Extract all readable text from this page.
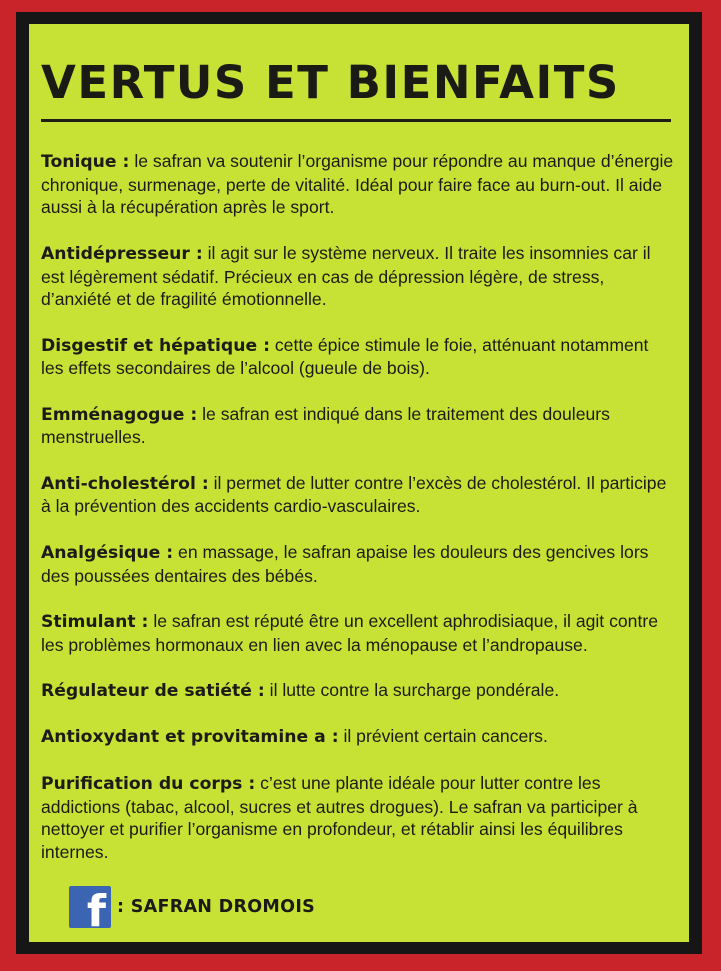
VERTUS ET BIENFAITS

Tonique : le safran va soutenir l’organisme pour répondre au manque d’énergie chronique, surmenage, perte de vitalité. Idéal pour faire face au burn-out. Il aide aussi à la récupération après le sport.

Antidépresseur : il agit sur le système nerveux. Il traite les insomnies car il est légèrement sédatif. Précieux en cas de dépression légère, de stress, d’anxiété et de fragilité émotionnelle.

Disgestif et hépatique : cette épice stimule le foie, atténuant notamment les effets secondaires de l’alcool (gueule de bois).

Emménagogue : le safran est indiqué dans le traitement des douleurs menstruelles.

Anti-cholestérol : il permet de lutter contre l’excès de cholestérol. Il participe à la prévention des accidents cardio-vasculaires.

Analgésique : en massage, le safran apaise les douleurs des gencives lors des poussées dentaires des bébés.

Stimulant : le safran est réputé être un excellent aphrodisiaque, il agit contre les problèmes hormonaux en lien avec la ménopause et l’andropause.

Régulateur de satiété : il lutte contre la surcharge pondérale.

Antioxydant et provitamine a : il prévient certain cancers.

Purification du corps : c’est une plante idéale pour lutter contre les addictions (tabac, alcool, sucres et autres drogues). Le safran va participer à nettoyer et purifier l’organisme en profondeur, et rétablir ainsi les équilibres internes.

f : SAFRAN DROMOIS
